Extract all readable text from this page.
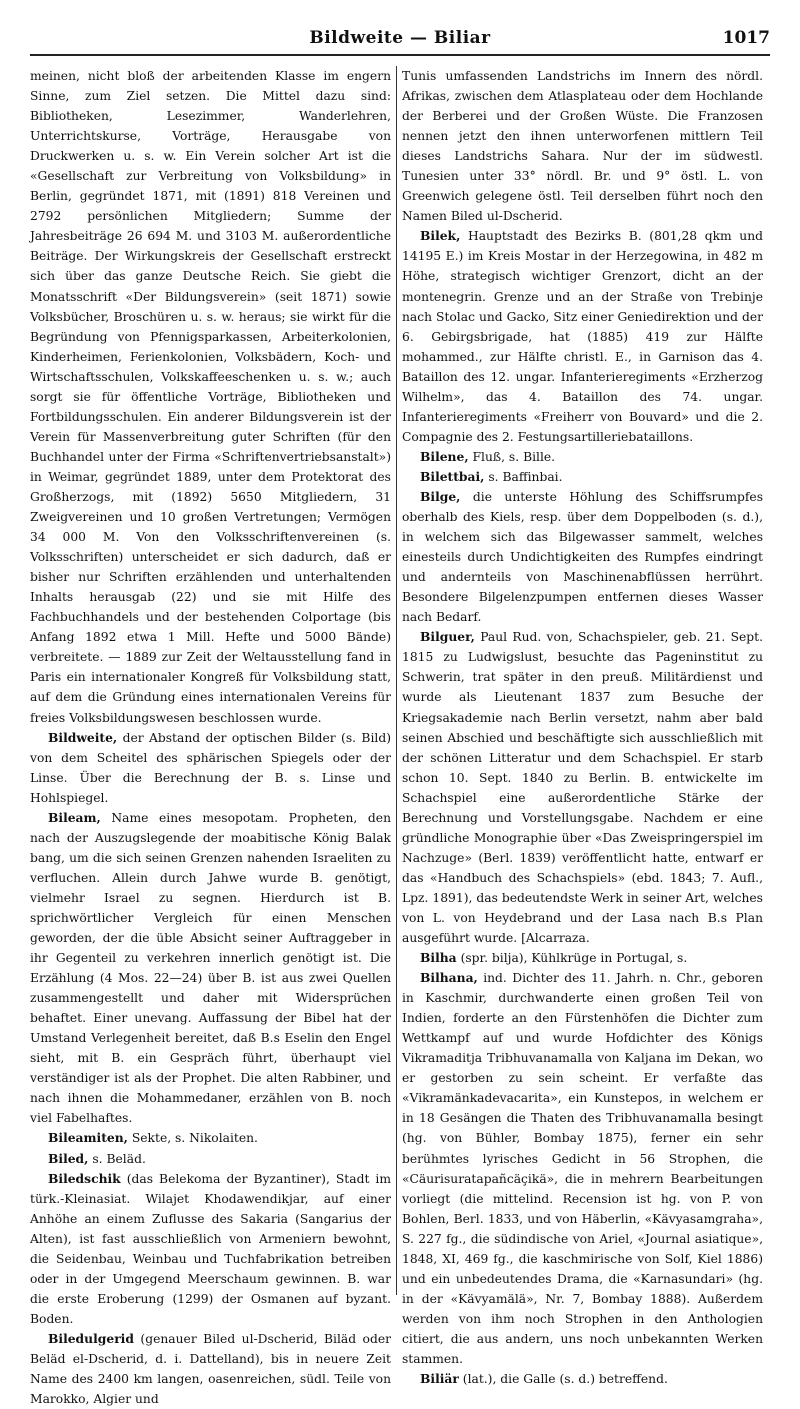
Bildweite — Biliar	1017

meinen, nicht bloß der arbeitenden Klasse im engern Sinne, zum Ziel setzen. Die Mittel dazu sind: Bibliotheken, Lesezimmer, Wanderlehren, Unterrichtskurse, Vorträge, Herausgabe von Druckwerken u. s. w. Ein Verein solcher Art ist die «Gesellschaft zur Verbreitung von Volksbildung» in Berlin, gegründet 1871, mit (1891) 818 Vereinen und 2792 persönlichen Mitgliedern; Summe der Jahresbeiträge 26 694 M. und 3103 M. außerordentliche Beiträge. Der Wirkungskreis der Gesellschaft erstreckt sich über das ganze Deutsche Reich. Sie giebt die Monatsschrift «Der Bildungsverein» (seit 1871) sowie Volksbücher, Broschüren u. s. w. heraus; sie wirkt für die Begründung von Pfennigsparkassen, Arbeiterkolonien, Kinderheimen, Ferienkolonien, Volksbädern, Koch- und Wirtschaftsschulen, Volkskaffeeschenken u. s. w.; auch sorgt sie für öffentliche Vorträge, Bibliotheken und Fortbildungsschulen. Ein anderer Bildungsverein ist der Verein für Massenverbreitung guter Schriften (für den Buchhandel unter der Firma «Schriftenvertriebsanstalt») in Weimar, gegründet 1889, unter dem Protektorat des Großherzogs, mit (1892) 5650 Mitgliedern, 31 Zweigvereinen und 10 großen Vertretungen; Vermögen 34 000 M. Von den Volksschriftenvereinen (s. Volksschriften) unterscheidet er sich dadurch, daß er bisher nur Schriften erzählenden und unterhaltenden Inhalts herausgab (22) und sie mit Hilfe des Fachbuchhandels und der bestehenden Colportage (bis Anfang 1892 etwa 1 Mill. Hefte und 5000 Bände) verbreitete. — 1889 zur Zeit der Weltausstellung fand in Paris ein internationaler Kongreß für Volksbildung statt, auf dem die Gründung eines internationalen Vereins für freies Volksbildungswesen beschlossen wurde.

Bildweite, der Abstand der optischen Bilder (s. Bild) von dem Scheitel des sphärischen Spiegels oder der Linse. Über die Berechnung der B. s. Linse und Hohlspiegel.

Bileam, Name eines mesopotam. Propheten, den nach der Auszugslegende der moabitische König Balak bang, um die sich seinen Grenzen nahenden Israeliten zu verfluchen. Allein durch Jahwe wurde B. genötigt, vielmehr Israel zu segnen. Hierdurch ist B. sprichwörtlicher Vergleich für einen Menschen geworden, der die üble Absicht seiner Auftraggeber in ihr Gegenteil zu verkehren innerlich genötigt ist. Die Erzählung (4 Mos. 22—24) über B. ist aus zwei Quellen zusammengestellt und daher mit Widersprüchen behaftet. Einer unevang. Auffassung der Bibel hat der Umstand Verlegenheit bereitet, daß B.s Eselin den Engel sieht, mit B. ein Gespräch führt, überhaupt viel verständiger ist als der Prophet. Die alten Rabbiner, und nach ihnen die Mohammedaner, erzählen von B. noch viel Fabelhaftes.

Bileamiten, Sekte, s. Nikolaiten.

Biled, s. Beläd.

Biledschik (das Belekoma der Byzantiner), Stadt im türk.-Kleinasiat. Wilajet Khodawendikjar, auf einer Anhöhe an einem Zuflusse des Sakaria (Sangarius der Alten), ist fast ausschließlich von Armeniern bewohnt, die Seidenbau, Weinbau und Tuchfabrikation betreiben oder in der Umgegend Meerschaum gewinnen. B. war die erste Eroberung (1299) der Osmanen auf byzant. Boden.

Biledulgerid (genauer Biled ul-Dscherid, Biläd oder Beläd el-Dscherid, d. i. Dattelland), bis in neuere Zeit Name des 2400 km langen, oasenreichen, südl. Teile von Marokko, Algier und

Tunis umfassenden Landstrichs im Innern des nördl. Afrikas, zwischen dem Atlasplateau oder dem Hochlande der Berberei und der Großen Wüste. Die Franzosen nennen jetzt den ihnen unterworfenen mittlern Teil dieses Landstrichs Sahara. Nur der im südwestl. Tunesien unter 33° nördl. Br. und 9° östl. L. von Greenwich gelegene östl. Teil derselben führt noch den Namen Biled ul-Dscherid.

Bilek, Hauptstadt des Bezirks B. (801,28 qkm und 14195 E.) im Kreis Mostar in der Herzegowina, in 482 m Höhe, strategisch wichtiger Grenzort, dicht an der montenegrin. Grenze und an der Straße von Trebinje nach Stolac und Gacko, Sitz einer Geniedirektion und der 6. Gebirgsbrigade, hat (1885) 419 zur Hälfte mohammed., zur Hälfte christl. E., in Garnison das 4. Bataillon des 12. ungar. Infanterieregiments «Erzherzog Wilhelm», das 4. Bataillon des 74. ungar. Infanterieregiments «Freiherr von Bouvard» und die 2. Compagnie des 2. Festungsartilleriebataillons.

Bilene, Fluß, s. Bille.

Bilettbai, s. Baffinbai.

Bilge, die unterste Höhlung des Schiffsrumpfes oberhalb des Kiels, resp. über dem Doppelboden (s. d.), in welchem sich das Bilgewasser sammelt, welches einesteils durch Undichtigkeiten des Rumpfes eindringt und andernteils von Maschinenabflüssen herrührt. Besondere Bilgelenzpumpen entfernen dieses Wasser nach Bedarf.

Bilguer, Paul Rud. von, Schachspieler, geb. 21. Sept. 1815 zu Ludwigslust, besuchte das Pageninstitut zu Schwerin, trat später in den preuß. Militärdienst und wurde als Lieutenant 1837 zum Besuche der Kriegsakademie nach Berlin versetzt, nahm aber bald seinen Abschied und beschäftigte sich ausschließlich mit der schönen Litteratur und dem Schachspiel. Er starb schon 10. Sept. 1840 zu Berlin. B. entwickelte im Schachspiel eine außerordentliche Stärke der Berechnung und Vorstellungsgabe. Nachdem er eine gründliche Monographie über «Das Zweispringerspiel im Nachzuge» (Berl. 1839) veröffentlicht hatte, entwarf er das «Handbuch des Schachspiels» (ebd. 1843; 7. Aufl., Lpz. 1891), das bedeutendste Werk in seiner Art, welches von L. von Heydebrand und der Lasa nach B.s Plan ausgeführt wurde. [Alcarraza.

Bilha (spr. bilja), Kühlkrüge in Portugal, s.

Bilhana, ind. Dichter des 11. Jahrh. n. Chr., geboren in Kaschmir, durchwanderte einen großen Teil von Indien, forderte an den Fürstenhöfen die Dichter zum Wettkampf auf und wurde Hofdichter des Königs Vikramaditja Tribhuvanamalla von Kaljana im Dekan, wo er gestorben zu sein scheint. Er verfaßte das «Vikramänkadevacarita», ein Kunstepos, in welchem er in 18 Gesängen die Thaten des Tribhuvanamalla besingt (hg. von Bühler, Bombay 1875), ferner ein sehr berühmtes lyrisches Gedicht in 56 Strophen, die «Cäurisuratapañcäçikä», die in mehrern Bearbeitungen vorliegt (die mittelind. Recension ist hg. von P. von Bohlen, Berl. 1833, und von Häberlin, «Kävyasamgraha», S. 227 fg., die südindische von Ariel, «Journal asiatique», 1848, XI, 469 fg., die kaschmirische von Solf, Kiel 1886) und ein unbedeutendes Drama, die «Karnasundari» (hg. in der «Kävyamälä», Nr. 7, Bombay 1888). Außerdem werden von ihm noch Strophen in den Anthologien citiert, die aus andern, uns noch unbekannten Werken stammen.

Biliär (lat.), die Galle (s. d.) betreffend.
